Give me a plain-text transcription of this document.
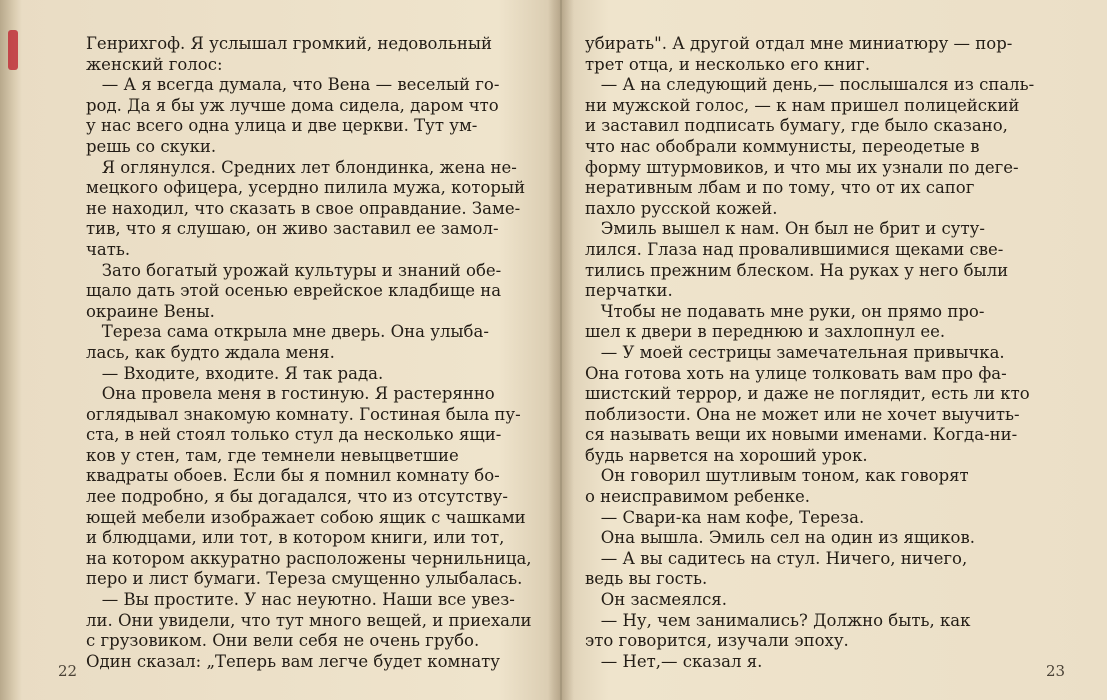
Генрихгоф. Я услышал громкий, недовольный
женский голос:
— А я всегда думала, что Вена — веселый го-
род. Да я бы уж лучше дома сидела, даром что
у нас всего одна улица и две церкви. Тут ум-
решь со скуки.
Я оглянулся. Средних лет блондинка, жена не-
мецкого офицера, усердно пилила мужа, который
не находил, что сказать в свое оправдание. Заме-
тив, что я слушаю, он живо заставил ее замол-
чать.
Зато богатый урожай культуры и знаний обе-
щало дать этой осенью еврейское кладбище на
окраине Вены.
Тереза сама открыла мне дверь. Она улыба-
лась, как будто ждала меня.
— Входите, входите. Я так рада.
Она провела меня в гостиную. Я растерянно
оглядывал знакомую комнату. Гостиная была пу-
ста, в ней стоял только стул да несколько ящи-
ков у стен, там, где темнели невыцветшие
квадраты обоев. Если бы я помнил комнату бо-
лее подробно, я бы догадался, что из отсутству-
ющей мебели изображает собою ящик с чашками
и блюдцами, или тот, в котором книги, или тот,
на котором аккуратно расположены чернильница,
перо и лист бумаги. Тереза смущенно улыбалась.
— Вы простите. У нас неуютно. Наши все увез-
ли. Они увидели, что тут много вещей, и приехали
с грузовиком. Они вели себя не очень грубо.
Один сказал: „Теперь вам легче будет комнату
убирать". А другой отдал мне миниатюру — пор-
трет отца, и несколько его книг.
— А на следующий день,— послышался из спаль-
ни мужской голос, — к нам пришел полицейский
и заставил подписать бумагу, где было сказано,
что нас обобрали коммунисты, переодетые в
форму штурмовиков, и что мы их узнали по деге-
неративным лбам и по тому, что от их сапог
пахло русской кожей.
Эмиль вышел к нам. Он был не брит и суту-
лился. Глаза над провалившимися щеками све-
тились прежним блеском. На руках у него были
перчатки.
Чтобы не подавать мне руки, он прямо про-
шел к двери в переднюю и захлопнул ее.
— У моей сестрицы замечательная привычка.
Она готова хоть на улице толковать вам про фа-
шистский террор, и даже не поглядит, есть ли кто
поблизости. Она не может или не хочет выучить-
ся называть вещи их новыми именами. Когда-ни-
будь нарвется на хороший урок.
Он говорил шутливым тоном, как говорят
о неисправимом ребенке.
— Свари-ка нам кофе, Тереза.
Она вышла. Эмиль сел на один из ящиков.
— А вы садитесь на стул. Ничего, ничего,
ведь вы гость.
Он засмеялся.
— Ну, чем занимались? Должно быть, как
это говорится, изучали эпоху.
— Нет,— сказал я.
22	23
